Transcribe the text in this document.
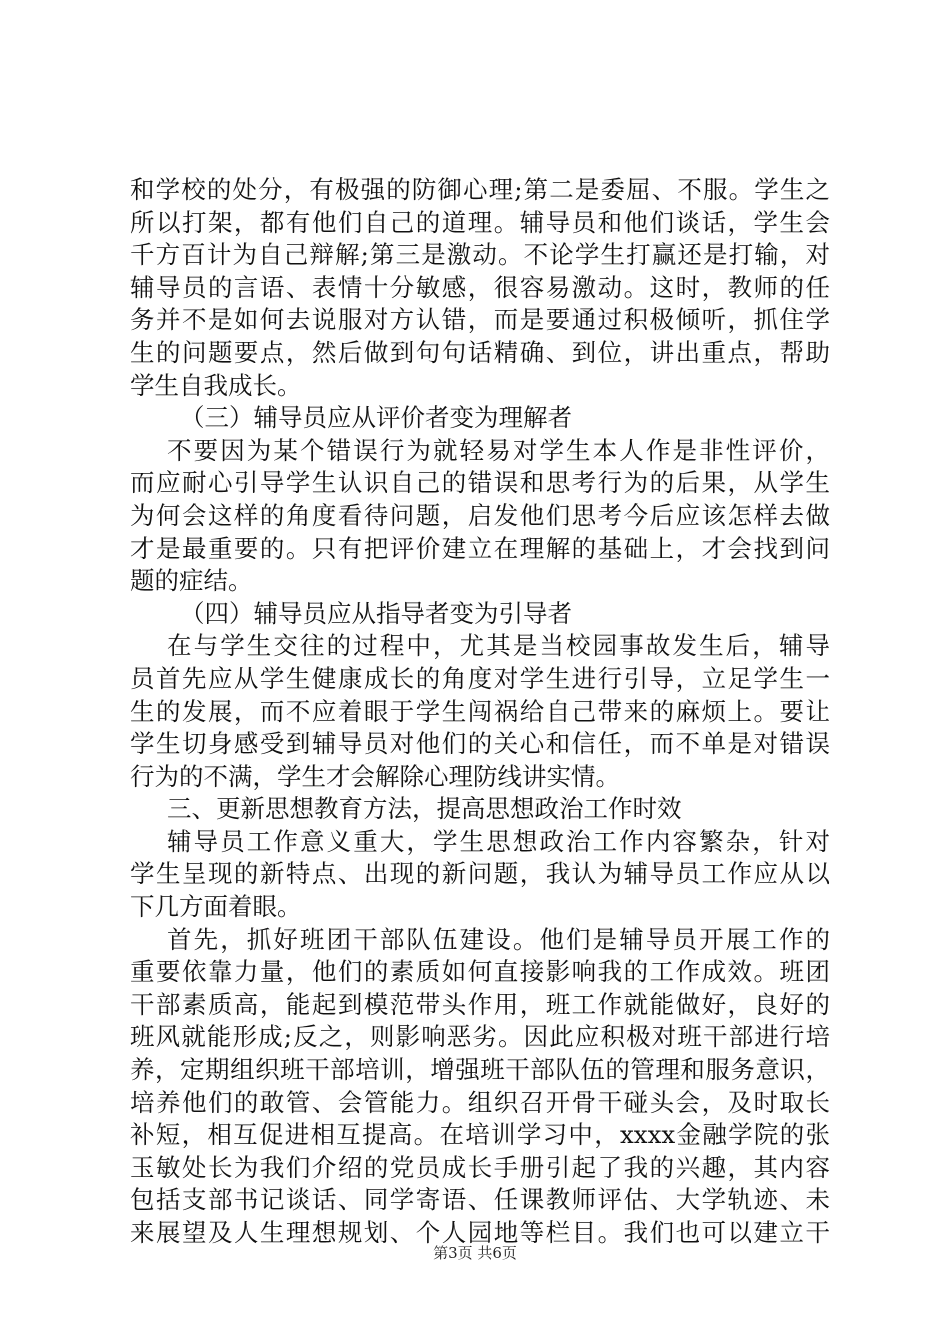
和学校的处分，有极强的防御心理;第二是委屈、不服。学生之
所以打架，都有他们自己的道理。辅导员和他们谈话，学生会
千方百计为自己辩解;第三是激动。不论学生打赢还是打输，对
辅导员的言语、表情十分敏感，很容易激动。这时，教师的任
务并不是如何去说服对方认错，而是要通过积极倾听，抓住学
生的问题要点，然后做到句句话精确、到位，讲出重点，帮助
学生自我成长。
（三）辅导员应从评价者变为理解者
不要因为某个错误行为就轻易对学生本人作是非性评价，
而应耐心引导学生认识自己的错误和思考行为的后果，从学生
为何会这样的角度看待问题，启发他们思考今后应该怎样去做
才是最重要的。只有把评价建立在理解的基础上，才会找到问
题的症结。
（四）辅导员应从指导者变为引导者
在与学生交往的过程中，尤其是当校园事故发生后，辅导
员首先应从学生健康成长的角度对学生进行引导，立足学生一
生的发展，而不应着眼于学生闯祸给自己带来的麻烦上。要让
学生切身感受到辅导员对他们的关心和信任，而不单是对错误
行为的不满，学生才会解除心理防线讲实情。
三、更新思想教育方法，提高思想政治工作时效
辅导员工作意义重大，学生思想政治工作内容繁杂，针对
学生呈现的新特点、出现的新问题，我认为辅导员工作应从以
下几方面着眼。
首先，抓好班团干部队伍建设。他们是辅导员开展工作的
重要依靠力量，他们的素质如何直接影响我的工作成效。班团
干部素质高，能起到模范带头作用，班工作就能做好，良好的
班风就能形成;反之，则影响恶劣。因此应积极对班干部进行培
养，定期组织班干部培训，增强班干部队伍的管理和服务意识，
培养他们的敢管、会管能力。组织召开骨干碰头会，及时取长
补短，相互促进相互提高。在培训学习中，xxxx金融学院的张
玉敏处长为我们介绍的党员成长手册引起了我的兴趣，其内容
包括支部书记谈话、同学寄语、任课教师评估、大学轨迹、未
来展望及人生理想规划、个人园地等栏目。我们也可以建立干
第3页 共6页
